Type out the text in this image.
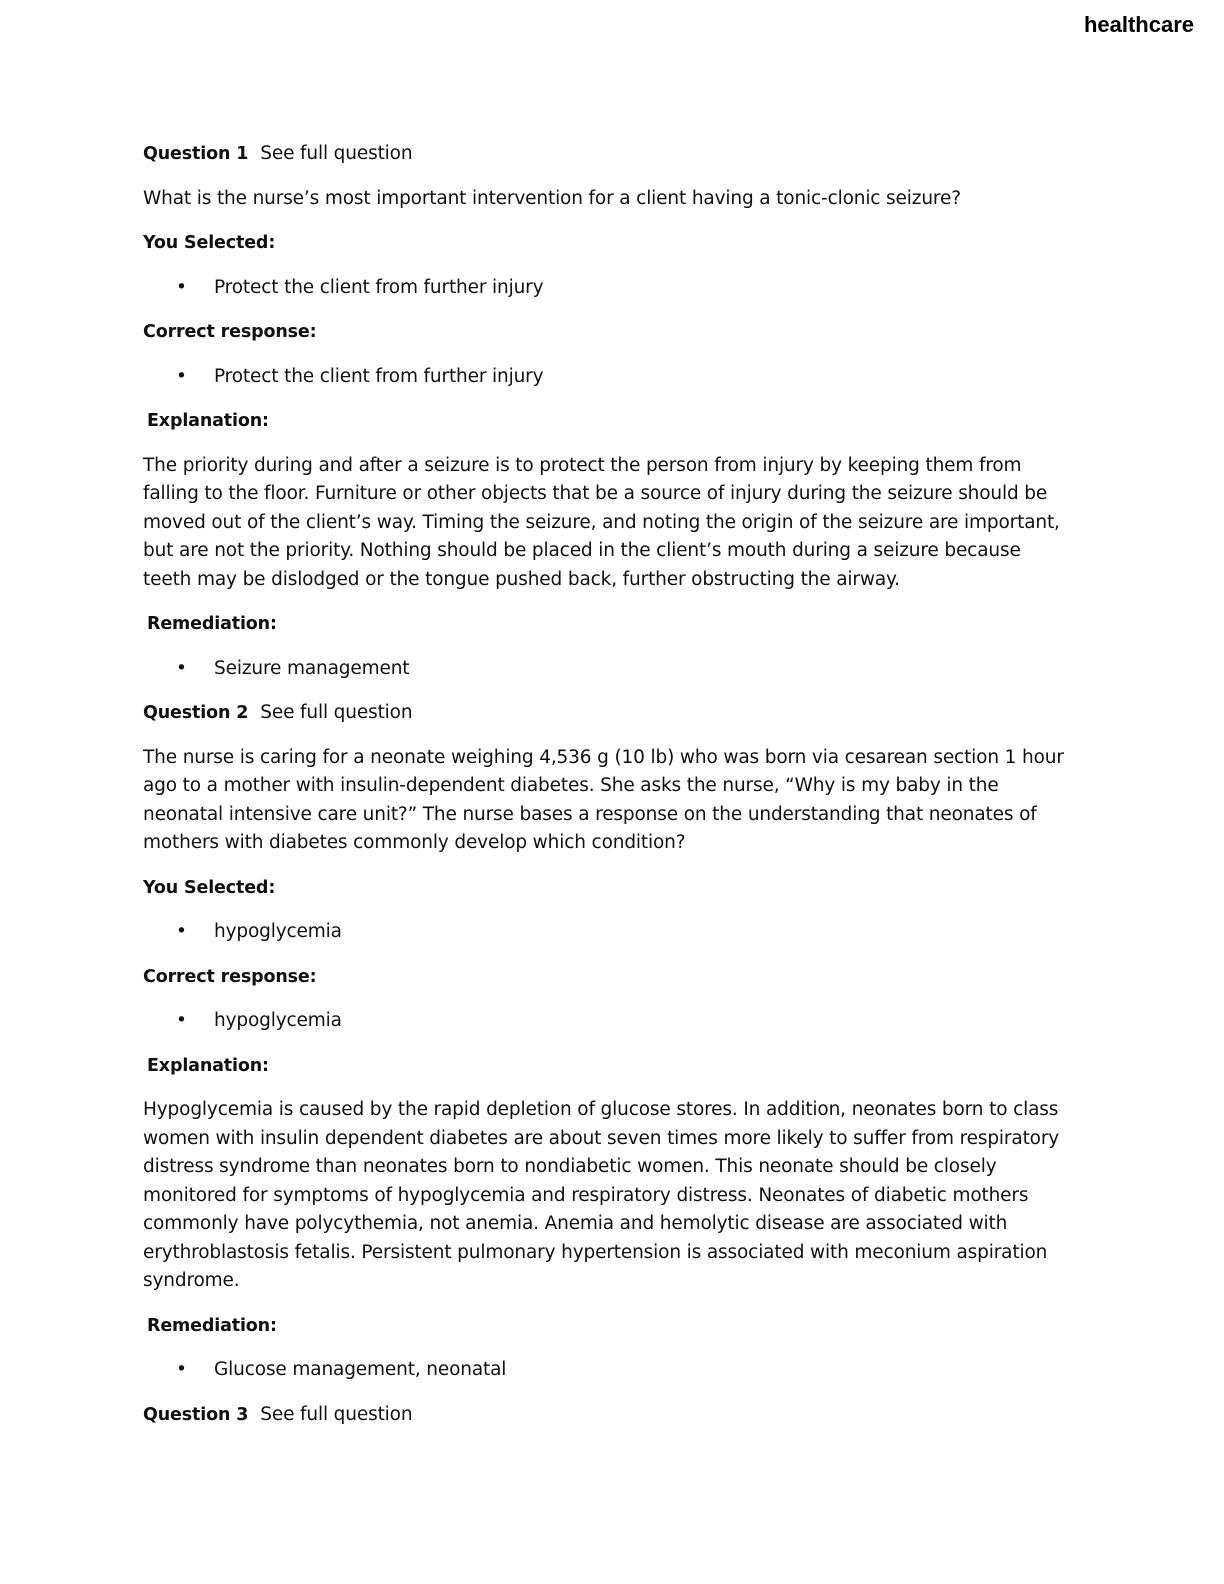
healthcare

Question 1 See full question

What is the nurse’s most important intervention for a client having a tonic-clonic seizure?

You Selected:

• Protect the client from further injury

Correct response:

• Protect the client from further injury

Explanation:

The priority during and after a seizure is to protect the person from injury by keeping them from falling to the floor. Furniture or other objects that be a source of injury during the seizure should be moved out of the client’s way. Timing the seizure, and noting the origin of the seizure are important, but are not the priority. Nothing should be placed in the client’s mouth during a seizure because teeth may be dislodged or the tongue pushed back, further obstructing the airway.

Remediation:

• Seizure management

Question 2 See full question

The nurse is caring for a neonate weighing 4,536 g (10 lb) who was born via cesarean section 1 hour ago to a mother with insulin-dependent diabetes. She asks the nurse, “Why is my baby in the neonatal intensive care unit?” The nurse bases a response on the understanding that neonates of mothers with diabetes commonly develop which condition?

You Selected:

• hypoglycemia

Correct response:

• hypoglycemia

Explanation:

Hypoglycemia is caused by the rapid depletion of glucose stores. In addition, neonates born to class women with insulin dependent diabetes are about seven times more likely to suffer from respiratory distress syndrome than neonates born to nondiabetic women. This neonate should be closely monitored for symptoms of hypoglycemia and respiratory distress. Neonates of diabetic mothers commonly have polycythemia, not anemia. Anemia and hemolytic disease are associated with erythroblastosis fetalis. Persistent pulmonary hypertension is associated with meconium aspiration syndrome.

Remediation:

• Glucose management, neonatal

Question 3 See full question
